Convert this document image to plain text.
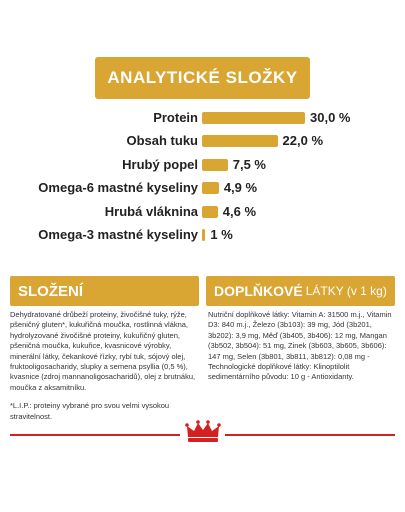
ANALYTICKÉ SLOŽKY
Protein	30,0 %
Obsah tuku	22,0 %
Hrubý popel	7,5 %
Omega-6 mastné kyseliny 4,9 %
Hrubá vláknina 4,6 %
Omega-3 mastné kyseliny 1 %
SLOŽENÍ	DOPLŇKOVÉ LÁTKY (v 1 kg)
Dehydratované drůbeží proteiny, živočišné tuky, rýže, pšeničný gluten*, kukuřičná moučka, rostlinná vlákna, hydrolyzované živočišné proteiny, kukuřičný gluten, pšeničná moučka, kukuřice, kvasnicové výrobky, minerální látky, čekankové řízky, rybí tuk, sójový olej, fruktooligosacharidy, slupky a semena psyllia (0,5 %), kvasnice (zdroj mannanoligosacharidů), olej z brutnáku, moučka z aksamitníku.
*L.I.P.: proteiny vybrané pro svou velmi vysokou stravitelnost.
Nutriční doplňkové látky: Vitamin A: 31500 m.j., Vitamin D3: 840 m.j., Železo (3b103): 39 mg, Jód (3b201, 3b202): 3,9 mg, Měď (3b405, 3b406): 12 mg, Mangan (3b502, 3b504): 51 mg, Zinek (3b603, 3b605, 3b606): 147 mg, Selen (3b801, 3b811, 3b812): 0,08 mg - Technologické doplňkové látky: Klinoptilolit sedimentárního původu: 10 g - Antioxidanty.
